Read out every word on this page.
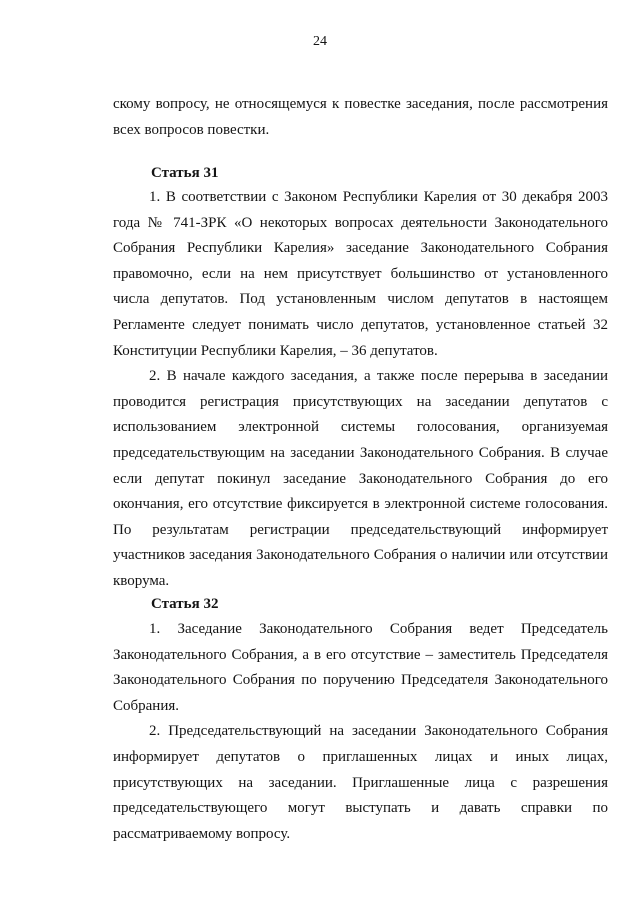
24

скому вопросу, не относящемуся к повестке заседания, после рассмотрения всех вопросов повестки.

Статья 31

1. В соответствии с Законом Республики Карелия от 30 декабря 2003 года № 741-ЗРК «О некоторых вопросах деятельности Законодательного Собрания Республики Карелия» заседание Законодательного Собрания правомочно, если на нем присутствует большинство от установленного числа депутатов. Под установленным числом депутатов в настоящем Регламенте следует понимать число депутатов, установленное статьей 32 Конституции Республики Карелия, – 36 депутатов.

2. В начале каждого заседания, а также после перерыва в заседании проводится регистрация присутствующих на заседании депутатов с использованием электронной системы голосования, организуемая председательствующим на заседании Законодательного Собрания. В случае если депутат покинул заседание Законодательного Собрания до его окончания, его отсутствие фиксируется в электронной системе голосования. По результатам регистрации председательствующий информирует участников заседания Законодательного Собрания о наличии или отсутствии кворума.

Статья 32

1. Заседание Законодательного Собрания ведет Председатель Законодательного Собрания, а в его отсутствие – заместитель Председателя Законодательного Собрания по поручению Председателя Законодательного Собрания.

2. Председательствующий на заседании Законодательного Собрания информирует депутатов о приглашенных лицах и иных лицах, присутствующих на заседании. Приглашенные лица с разрешения председательствующего могут выступать и давать справки по рассматриваемому вопросу.
